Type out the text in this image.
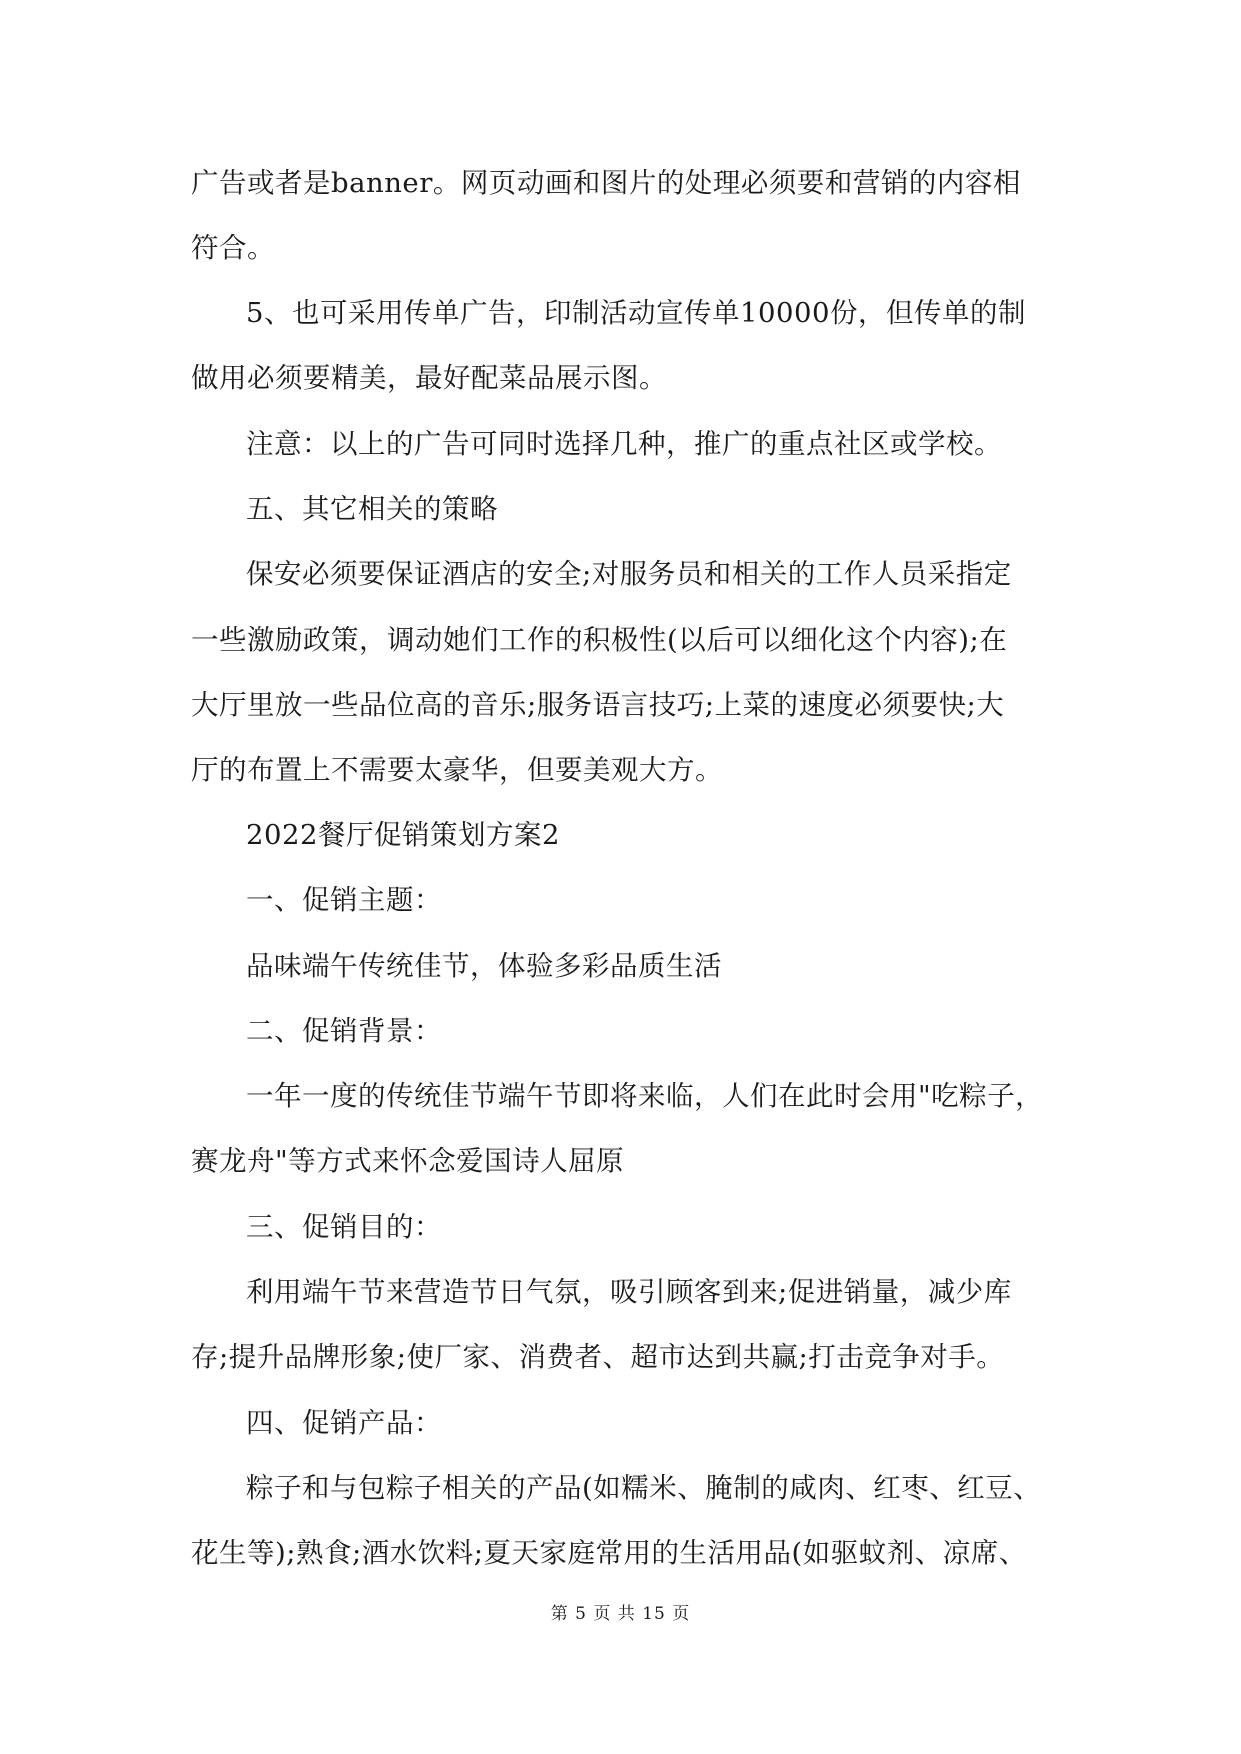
广告或者是banner。网页动画和图片的处理必须要和营销的内容相
符合。
5、也可采用传单广告，印制活动宣传单10000份，但传单的制
做用必须要精美，最好配菜品展示图。
注意：以上的广告可同时选择几种，推广的重点社区或学校。
五、其它相关的策略
保安必须要保证酒店的安全;对服务员和相关的工作人员采指定
一些激励政策，调动她们工作的积极性(以后可以细化这个内容);在
大厅里放一些品位高的音乐;服务语言技巧;上菜的速度必须要快;大
厅的布置上不需要太豪华，但要美观大方。
2022餐厅促销策划方案2
一、促销主题：
品味端午传统佳节，体验多彩品质生活
二、促销背景：
一年一度的传统佳节端午节即将来临，人们在此时会用"吃粽子，
赛龙舟"等方式来怀念爱国诗人屈原
三、促销目的：
利用端午节来营造节日气氛，吸引顾客到来;促进销量，减少库
存;提升品牌形象;使厂家、消费者、超市达到共赢;打击竞争对手。
四、促销产品：
粽子和与包粽子相关的产品(如糯米、腌制的咸肉、红枣、红豆、
花生等);熟食;酒水饮料;夏天家庭常用的生活用品(如驱蚊剂、凉席、
第 5 页 共 15 页
